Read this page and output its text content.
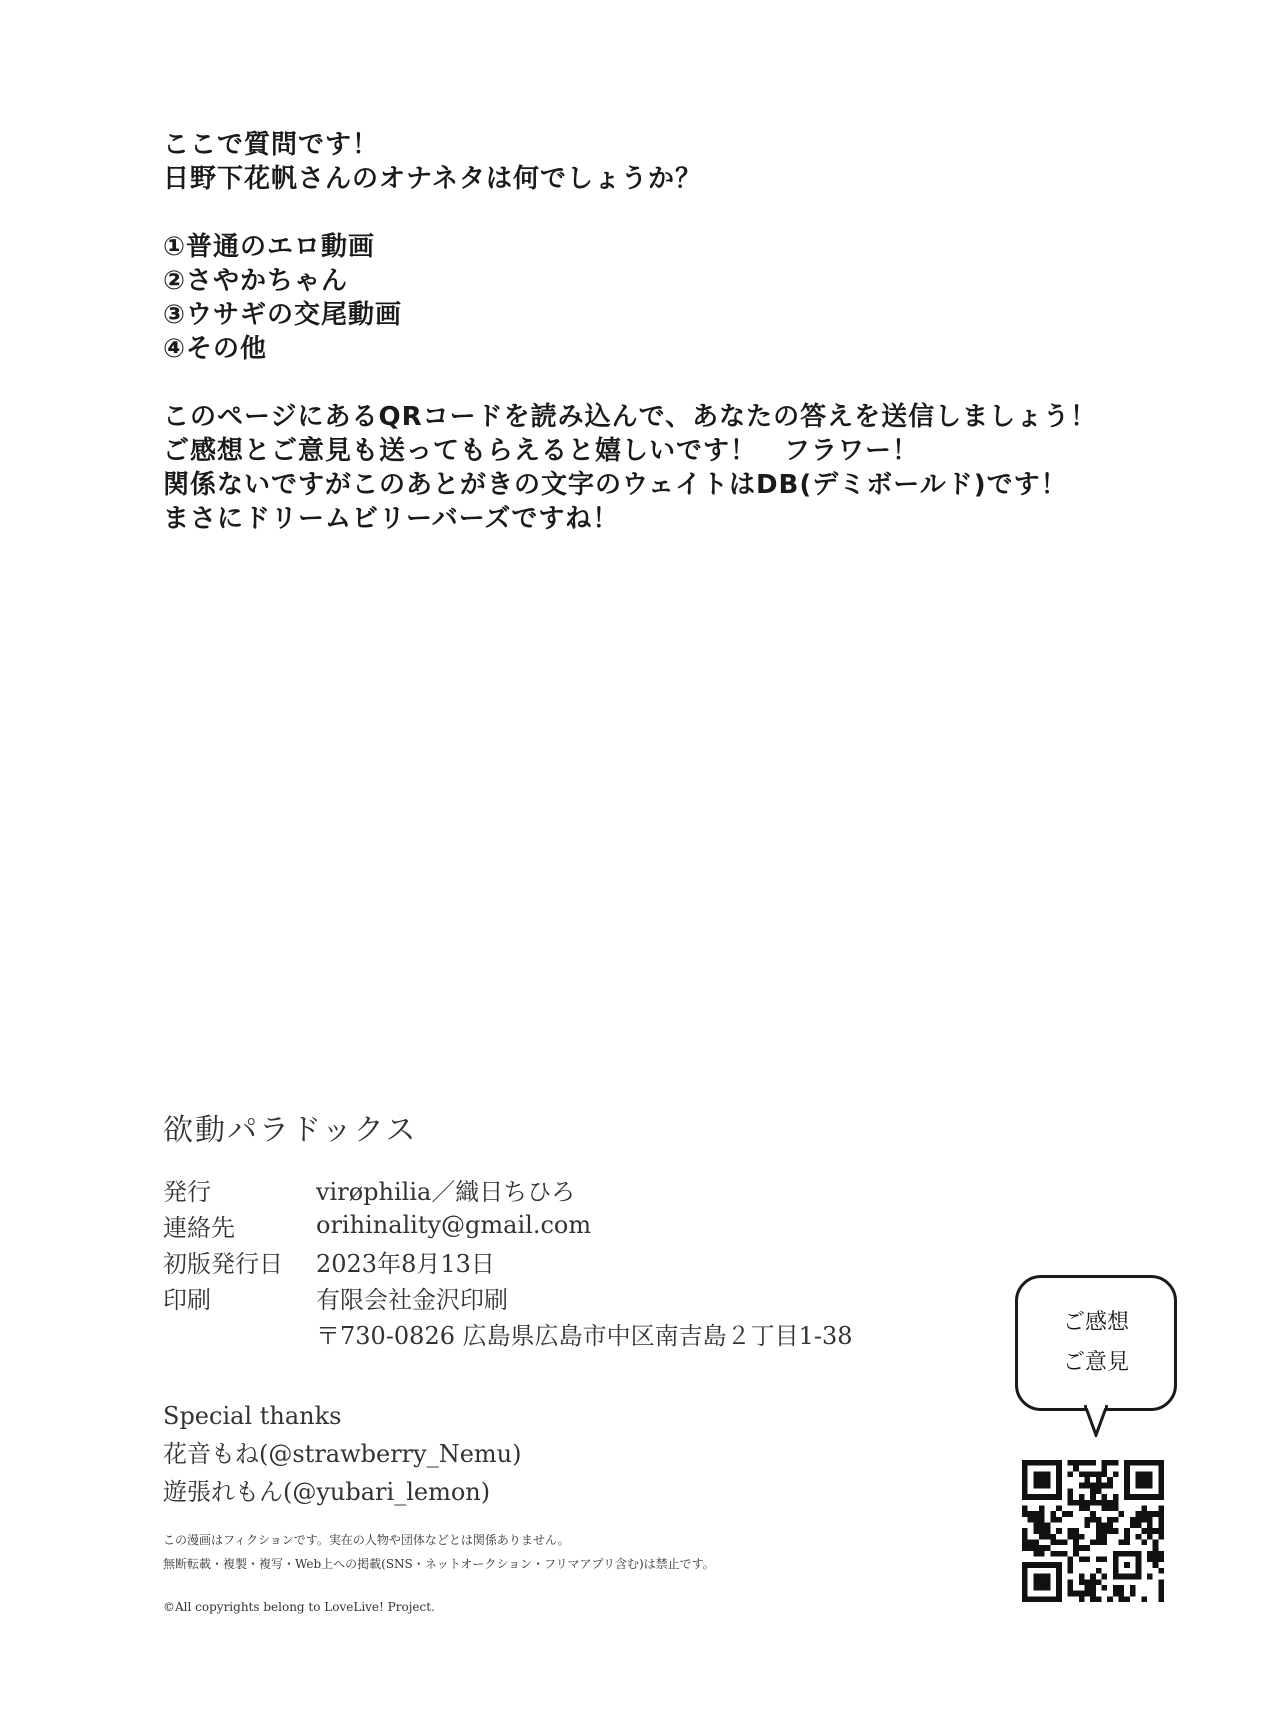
ここで質問です！

日野下花帆さんのオナネタは何でしょうか？

①普通のエロ動画

②さやかちゃん

③ウサギの交尾動画

④その他

このページにあるQRコードを読み込んで、あなたの答えを送信しましょう！

ご感想とご意見も送ってもらえると嬉しいです！　フラワー！

関係ないですがこのあとがきの文字のウェイトはDB(デミボールド)です！

まさにドリームビリーバーズですね！

欲動パラドックス
発行	virøphilia／織日ちひろ
連絡先	orihinality@gmail.com
初版発行日	2023年8月13日
印刷	有限会社金沢印刷
	〒730-0826 広島県広島市中区南吉島２丁目1-38
Special thanks
花音もね(@strawberry_Nemu)
遊張れもん(@yubari_lemon)
この漫画はフィクションです。実在の人物や団体などとは関係ありません。
無断転載・複製・複写・Web上への掲載(SNS・ネットオークション・フリマアプリ含む)は禁止です。
©All copyrights belong to LoveLive! Project.
ご感想
ご意見
